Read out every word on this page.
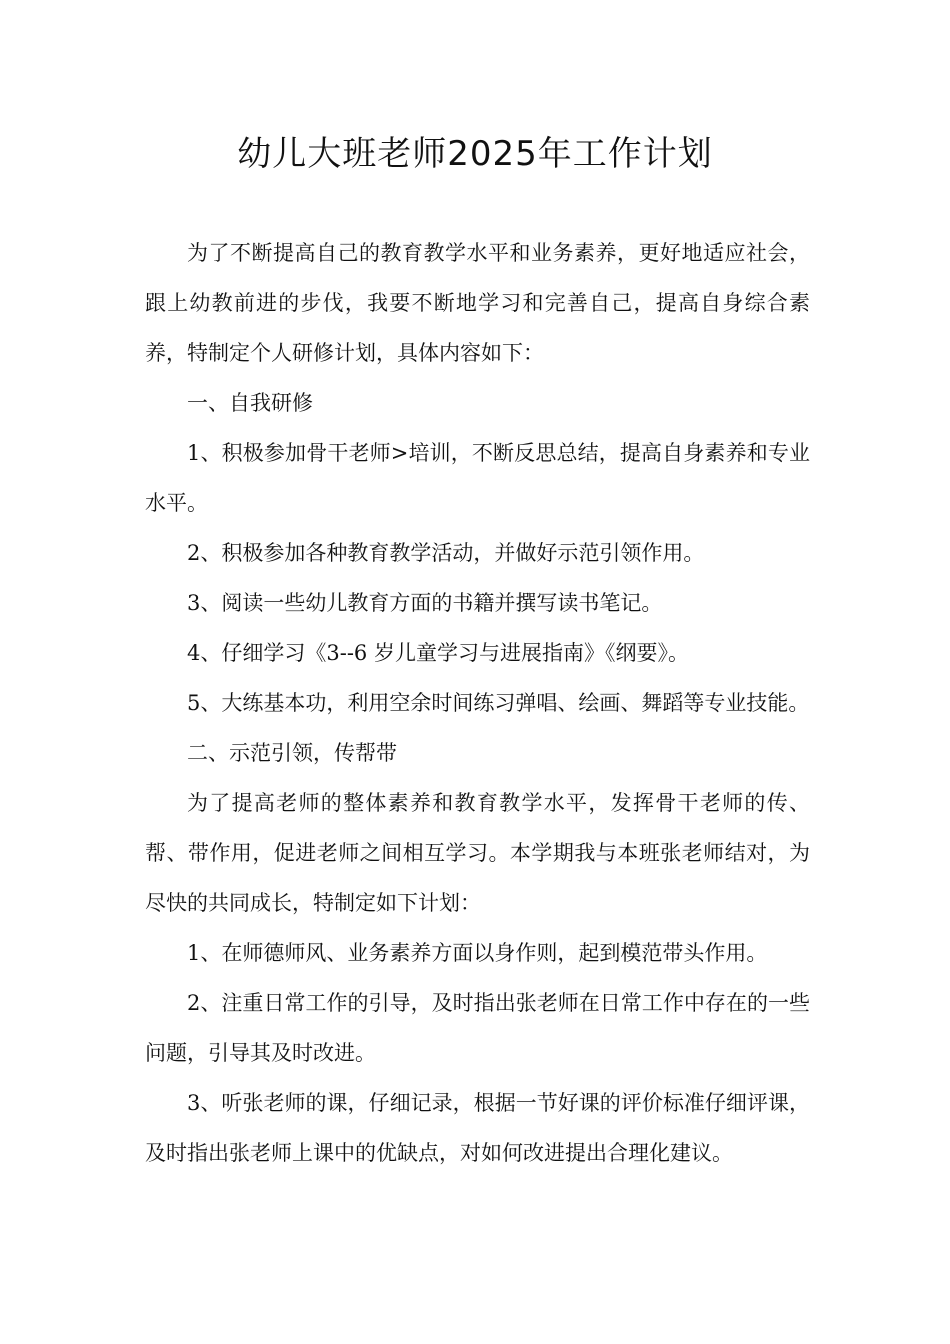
幼儿大班老师2025年工作计划

为了不断提高自己的教育教学水平和业务素养，更好地适应社会，跟上幼教前进的步伐，我要不断地学习和完善自己，提高自身综合素养，特制定个人研修计划，具体内容如下：

一、自我研修

1、积极参加骨干老师>培训，不断反思总结，提高自身素养和专业水平。

2、积极参加各种教育教学活动，并做好示范引领作用。

3、阅读一些幼儿教育方面的书籍并撰写读书笔记。

4、仔细学习《3--6 岁儿童学习与进展指南》《纲要》。

5、大练基本功，利用空余时间练习弹唱、绘画、舞蹈等专业技能。

二、示范引领，传帮带

为了提高老师的整体素养和教育教学水平，发挥骨干老师的传、帮、带作用，促进老师之间相互学习。本学期我与本班张老师结对，为尽快的共同成长，特制定如下计划：

1、在师德师风、业务素养方面以身作则，起到模范带头作用。

2、注重日常工作的引导，及时指出张老师在日常工作中存在的一些问题，引导其及时改进。

3、听张老师的课，仔细记录，根据一节好课的评价标准仔细评课，及时指出张老师上课中的优缺点，对如何改进提出合理化建议。
